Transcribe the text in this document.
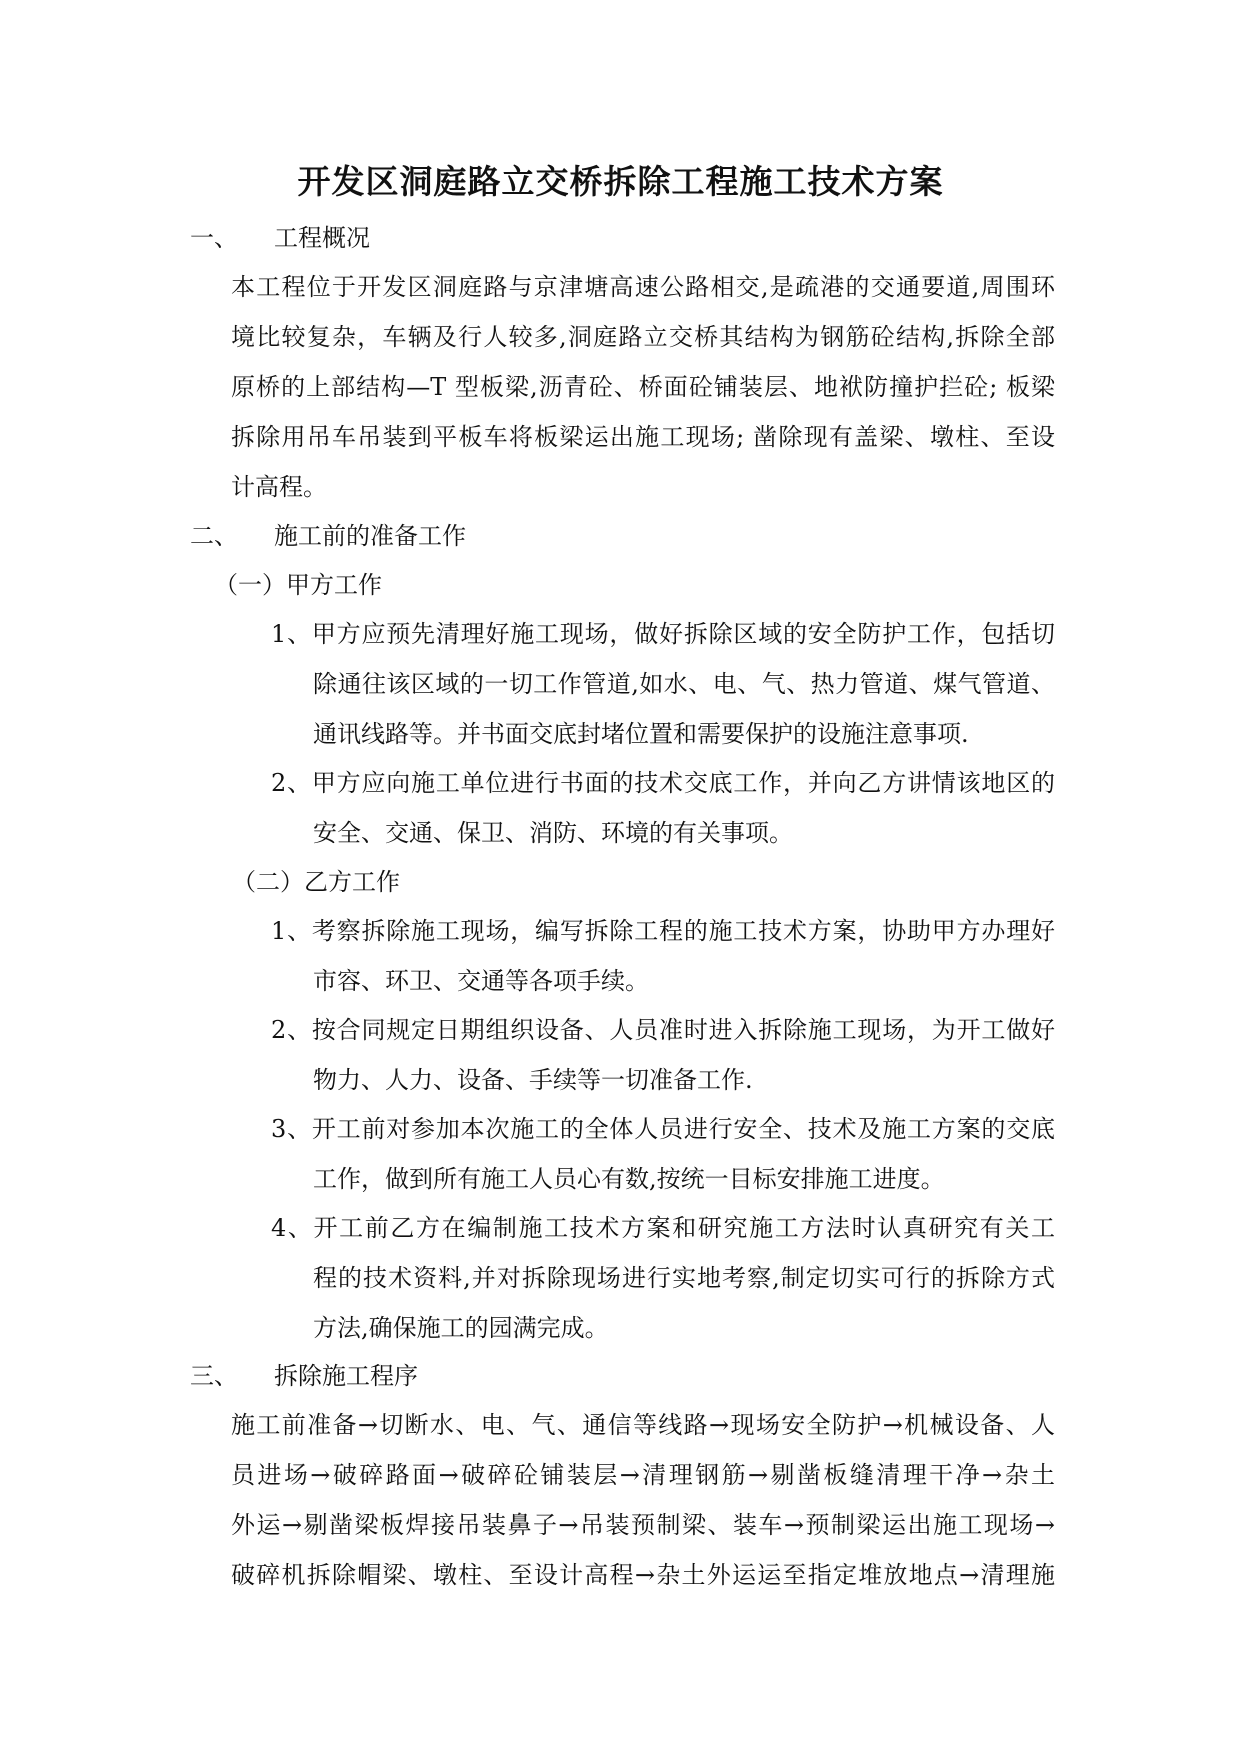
开发区洞庭路立交桥拆除工程施工技术方案
一、 工程概况
本工程位于开发区洞庭路与京津塘高速公路相交,是疏港的交通要道,周围环
境比较复杂，车辆及行人较多,洞庭路立交桥其结构为钢筋砼结构,拆除全部
原桥的上部结构—T 型板梁,沥青砼、桥面砼铺装层、地袱防撞护拦砼; 板梁
拆除用吊车吊装到平板车将板梁运出施工现场; 凿除现有盖梁、墩柱、至设
计高程。
二、 施工前的准备工作
（一）甲方工作
1、甲方应预先清理好施工现场，做好拆除区域的安全防护工作，包括切
除通往该区域的一切工作管道,如水、电、气、热力管道、煤气管道、
通讯线路等。并书面交底封堵位置和需要保护的设施注意事项.
2、甲方应向施工单位进行书面的技术交底工作，并向乙方讲情该地区的
安全、交通、保卫、消防、环境的有关事项。
（二）乙方工作
1、考察拆除施工现场，编写拆除工程的施工技术方案，协助甲方办理好
市容、环卫、交通等各项手续。
2、按合同规定日期组织设备、人员准时进入拆除施工现场，为开工做好
物力、人力、设备、手续等一切准备工作.
3、开工前对参加本次施工的全体人员进行安全、技术及施工方案的交底
工作，做到所有施工人员心有数,按统一目标安排施工进度。
4、开工前乙方在编制施工技术方案和研究施工方法时认真研究有关工
程的技术资料,并对拆除现场进行实地考察,制定切实可行的拆除方式
方法,确保施工的园满完成。
三、 拆除施工程序
施工前准备→切断水、电、气、通信等线路→现场安全防护→机械设备、人
员进场→破碎路面→破碎砼铺装层→清理钢筋→剔凿板缝清理干净→杂土
外运→剔凿梁板焊接吊装鼻子→吊装预制梁、装车→预制梁运出施工现场→
破碎机拆除帽梁、墩柱、至设计高程→杂土外运运至指定堆放地点→清理施
